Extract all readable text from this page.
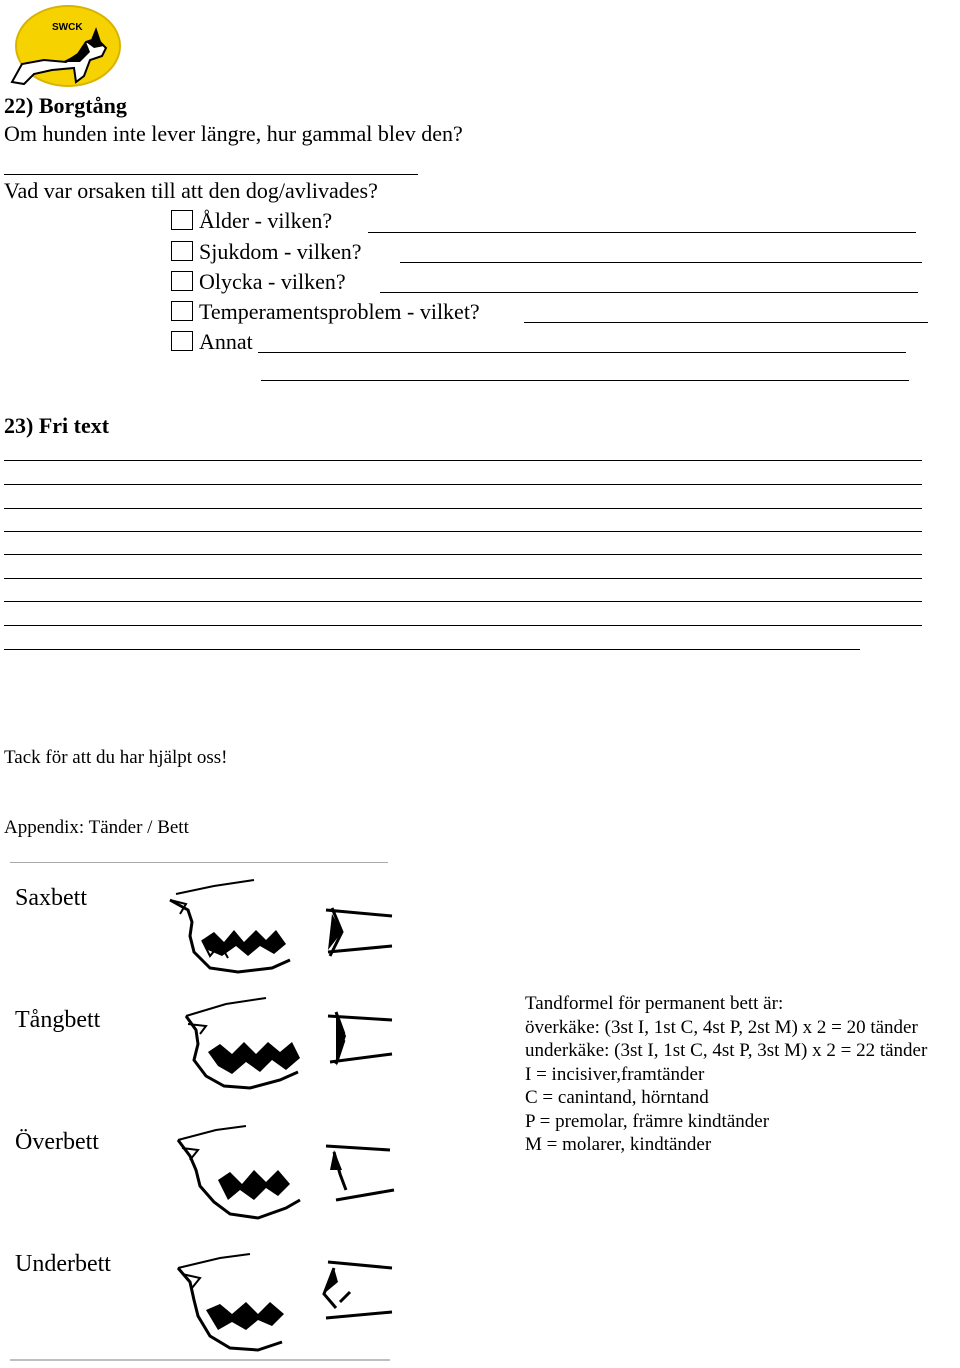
SWCK
22) Borgtång
Om hunden inte lever längre, hur gammal blev den?
Vad var orsaken till att den dog/avlivades?
Ålder - vilken?
Sjukdom - vilken?
Olycka - vilken?
Temperamentsproblem - vilket?
Annat
23) Fri text
Tack för att du har hjälpt oss!
Appendix: Tänder / Bett
Saxbett
Tångbett
Överbett
Underbett
Tandformel för permanent bett är:
överkäke: (3st I, 1st C, 4st P, 2st M) x 2 = 20 tänder
underkäke: (3st I, 1st C, 4st P, 3st M) x 2 = 22 tänder
I = incisiver,framtänder
C = canintand, hörntand
P = premolar, främre kindtänder
M = molarer, kindtänder
